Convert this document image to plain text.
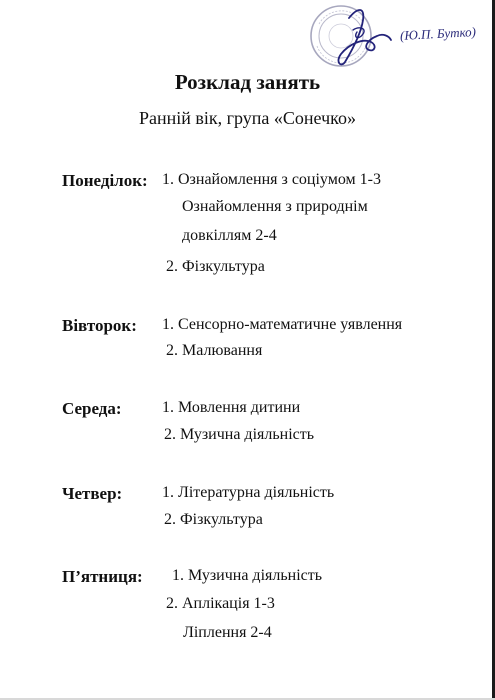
(Ю.П. Бутко)
Розклад занять
Ранній вік, група «Сонечко»
Понеділок: 1. Ознайомлення з соціумом 1-3
Ознайомлення з природнім
довкіллям 2-4
2. Фізкультура
Вівторок: 1. Сенсорно-математичне уявлення
2. Малювання
Середа:	1. Мовлення дитини
2. Музична діяльність
Четвер: 1. Літературна діяльність
2. Фізкультура
П’ятниця: 1. Музична діяльність
2. Аплікація 1-3
Ліплення 2-4
